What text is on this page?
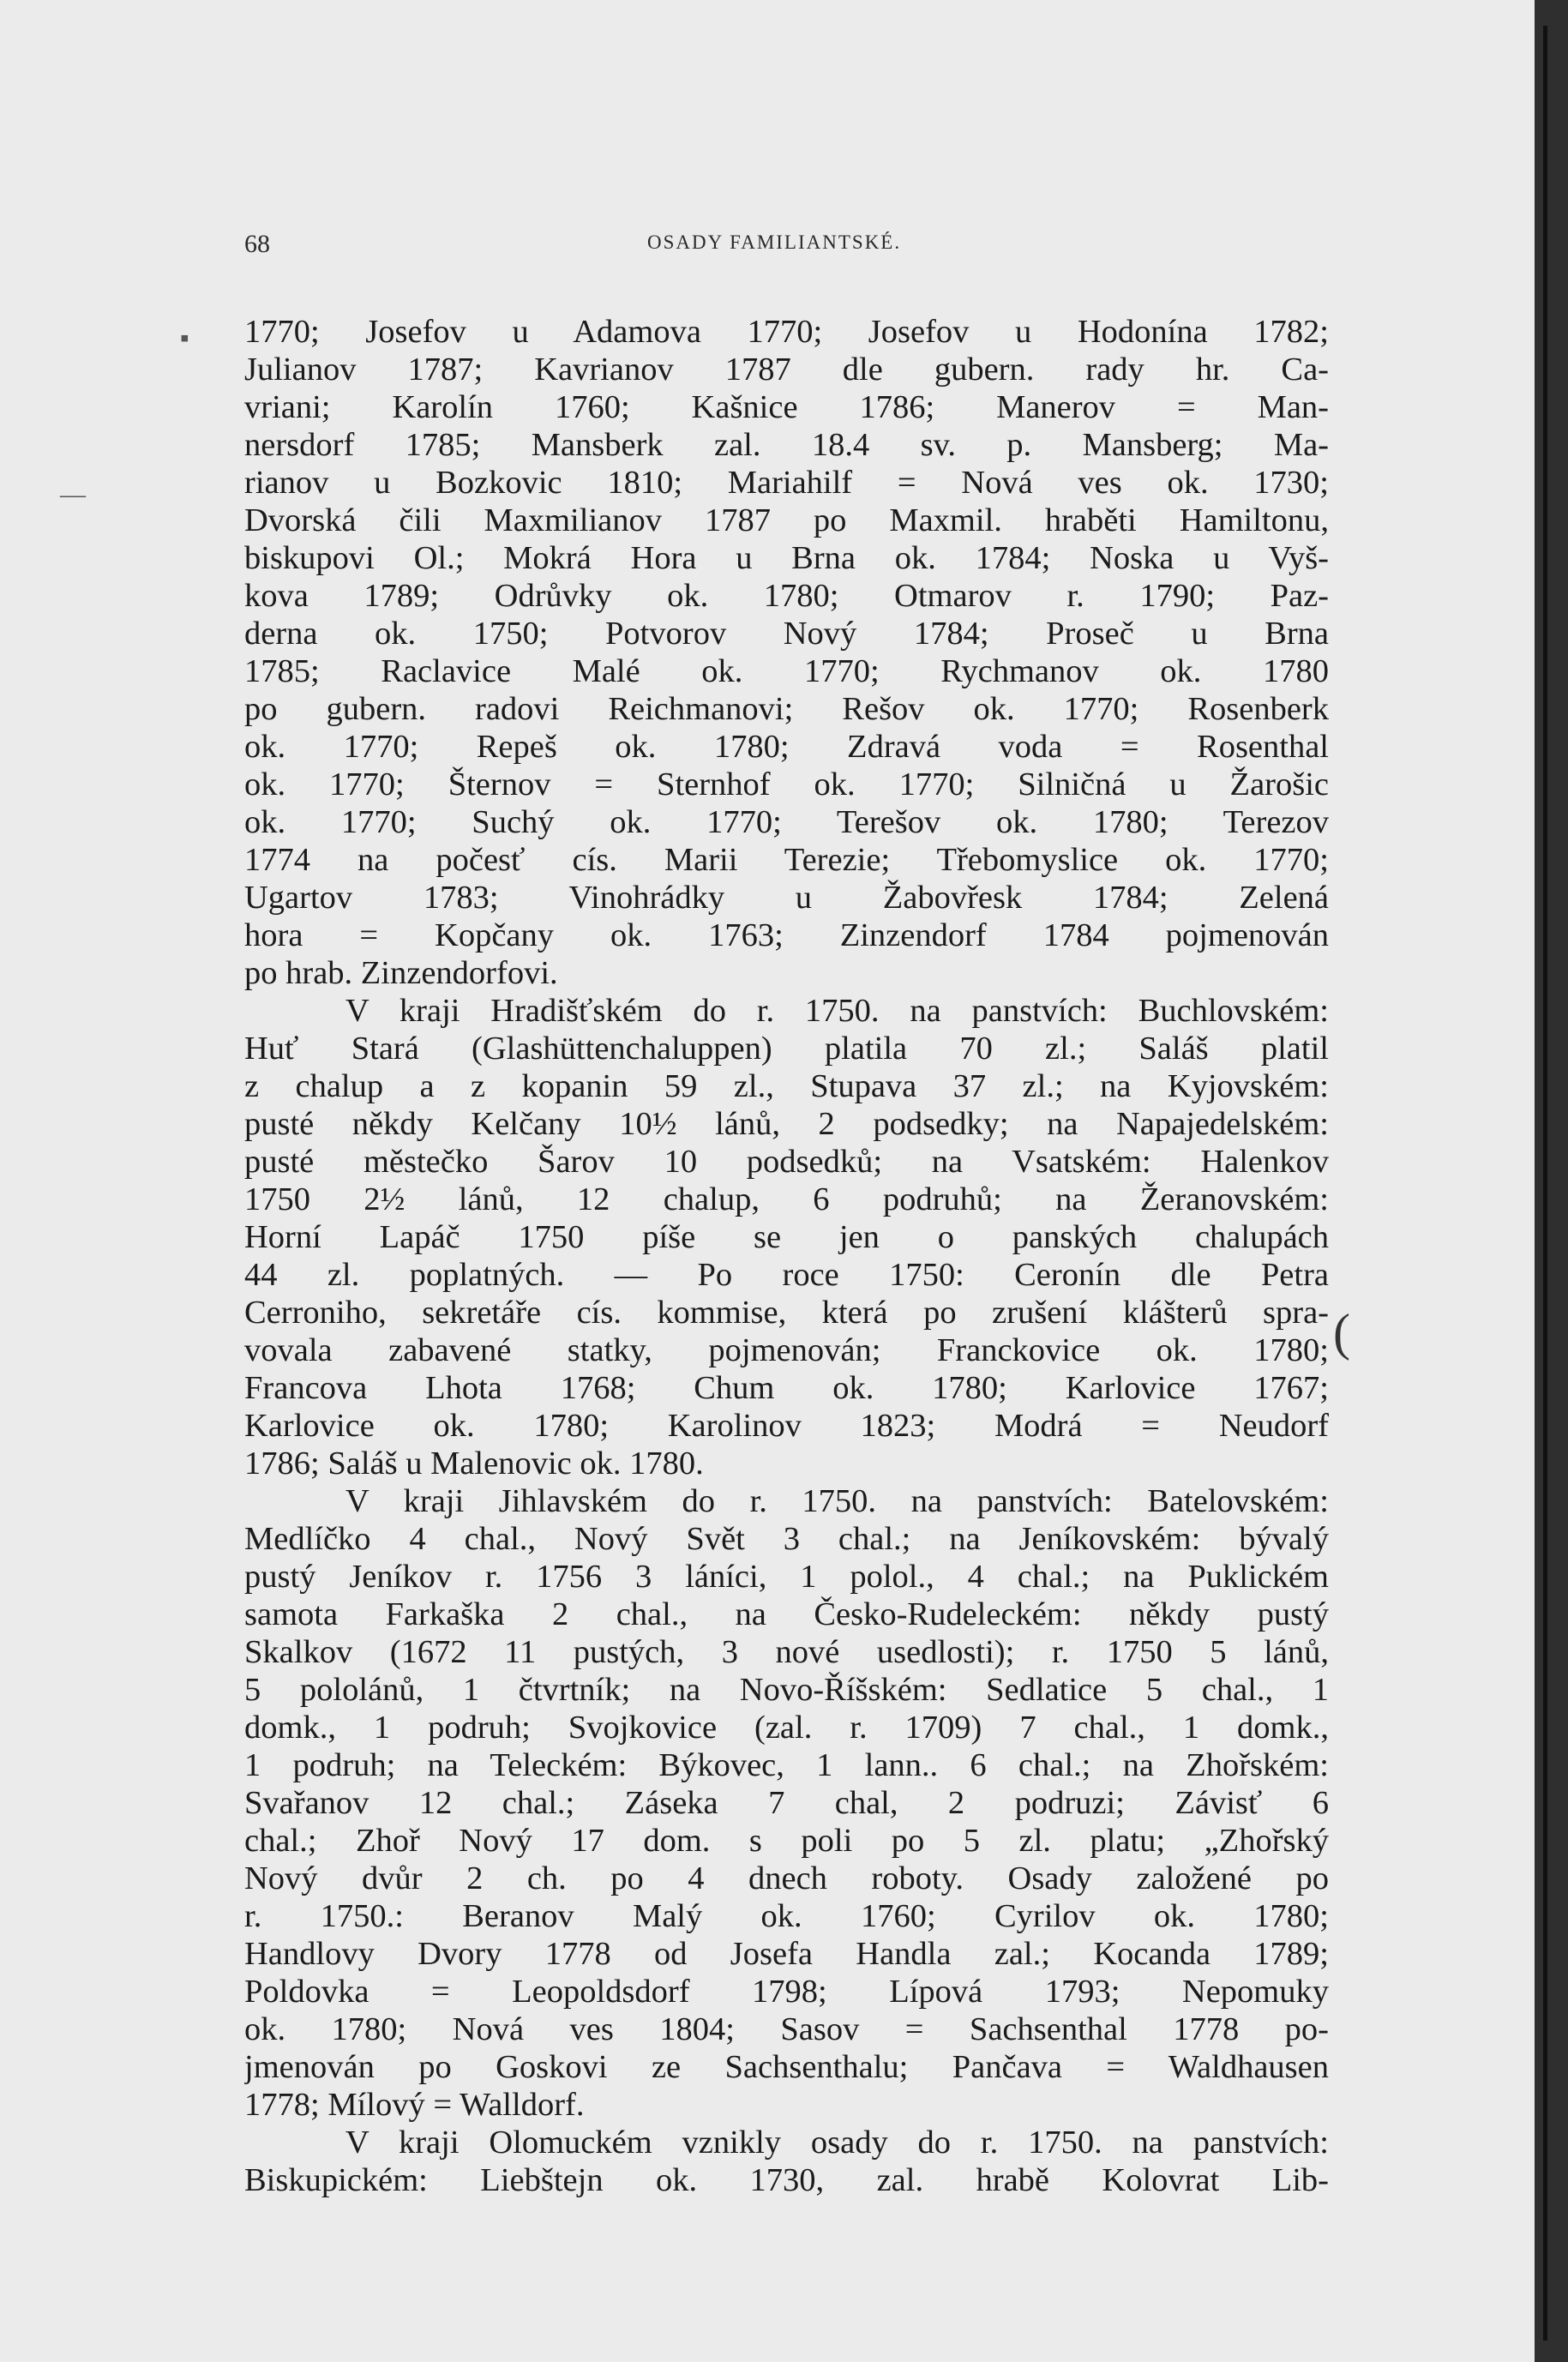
68	OSADY FAMILIANTSKÉ.
▪
—
(
1770; Josefov u Adamova 1770; Josefov u Hodonína 1782;
Julianov 1787; Kavrianov 1787 dle gubern. rady hr. Ca-
vriani; Karolín 1760; Kašnice 1786; Manerov = Man-
nersdorf 1785; Mansberk zal. 18.4 sv. p. Mansberg; Ma-
rianov u Bozkovic 1810; Mariahilf = Nová ves ok. 1730;
Dvorská čili Maxmilianov 1787 po Maxmil. hraběti Hamiltonu,
biskupovi Ol.; Mokrá Hora u Brna ok. 1784; Noska u Vyš-
kova 1789; Odrůvky ok. 1780; Otmarov r. 1790; Paz-
derna ok. 1750; Potvorov Nový 1784; Proseč u Brna
1785; Raclavice Malé ok. 1770; Rychmanov ok. 1780
po gubern. radovi Reichmanovi; Rešov ok. 1770; Rosenberk
ok. 1770; Repeš ok. 1780; Zdravá voda = Rosenthal
ok. 1770; Šternov = Sternhof ok. 1770; Silničná u Žarošic
ok. 1770; Suchý ok. 1770; Terešov ok. 1780; Terezov
1774 na počesť cís. Marii Terezie; Třebomyslice ok. 1770;
Ugartov 1783; Vinohrádky u Žabovřesk 1784; Zelená
hora = Kopčany ok. 1763; Zinzendorf 1784 pojmenován
po hrab. Zinzendorfovi.
V kraji Hradišťském do r. 1750. na panstvích: Buchlovském:
Huť Stará (Glashüttenchaluppen) platila 70 zl.; Saláš platil
z chalup a z kopanin 59 zl., Stupava 37 zl.; na Kyjovském:
pusté někdy Kelčany 10½ lánů, 2 podsedky; na Napajedelském:
pusté městečko Šarov 10 podsedků; na Vsatském: Halenkov
1750 2½ lánů, 12 chalup, 6 podruhů; na Žeranovském:
Horní Lapáč 1750 píše se jen o panských chalupách
44 zl. poplatných. — Po roce 1750: Ceronín dle Petra
Cerroniho, sekretáře cís. kommise, která po zrušení klášterů spra-
vovala zabavené statky, pojmenován; Franckovice ok. 1780;
Francova Lhota 1768; Chum ok. 1780; Karlovice 1767;
Karlovice ok. 1780; Karolinov 1823; Modrá = Neudorf
1786; Saláš u Malenovic ok. 1780.
V kraji Jihlavském do r. 1750. na panstvích: Batelovském:
Medlíčko 4 chal., Nový Svět 3 chal.; na Jeníkovském: bývalý
pustý Jeníkov r. 1756 3 láníci, 1 polol., 4 chal.; na Puklickém
samota Farkaška 2 chal., na Česko-Rudeleckém: někdy pustý
Skalkov (1672 11 pustých, 3 nové usedlosti); r. 1750 5 lánů,
5 pololánů, 1 čtvrtník; na Novo-Říšském: Sedlatice 5 chal., 1
domk., 1 podruh; Svojkovice (zal. r. 1709) 7 chal., 1 domk.,
1 podruh; na Teleckém: Býkovec, 1 lann.. 6 chal.; na Zhořském:
Svařanov 12 chal.; Záseka 7 chal, 2 podruzi; Závisť 6
chal.; Zhoř Nový 17 dom. s poli po 5 zl. platu; „Zhořský
Nový dvůr 2 ch. po 4 dnech roboty. Osady založené po
r. 1750.: Beranov Malý ok. 1760; Cyrilov ok. 1780;
Handlovy Dvory 1778 od Josefa Handla zal.; Kocanda 1789;
Poldovka = Leopoldsdorf 1798; Lípová 1793; Nepomuky
ok. 1780; Nová ves 1804; Sasov = Sachsenthal 1778 po-
jmenován po Goskovi ze Sachsenthalu; Pančava = Waldhausen
1778; Mílový = Walldorf.
V kraji Olomuckém vznikly osady do r. 1750. na panstvích:
Biskupickém: Liebštejn ok. 1730, zal. hrabě Kolovrat Lib-
